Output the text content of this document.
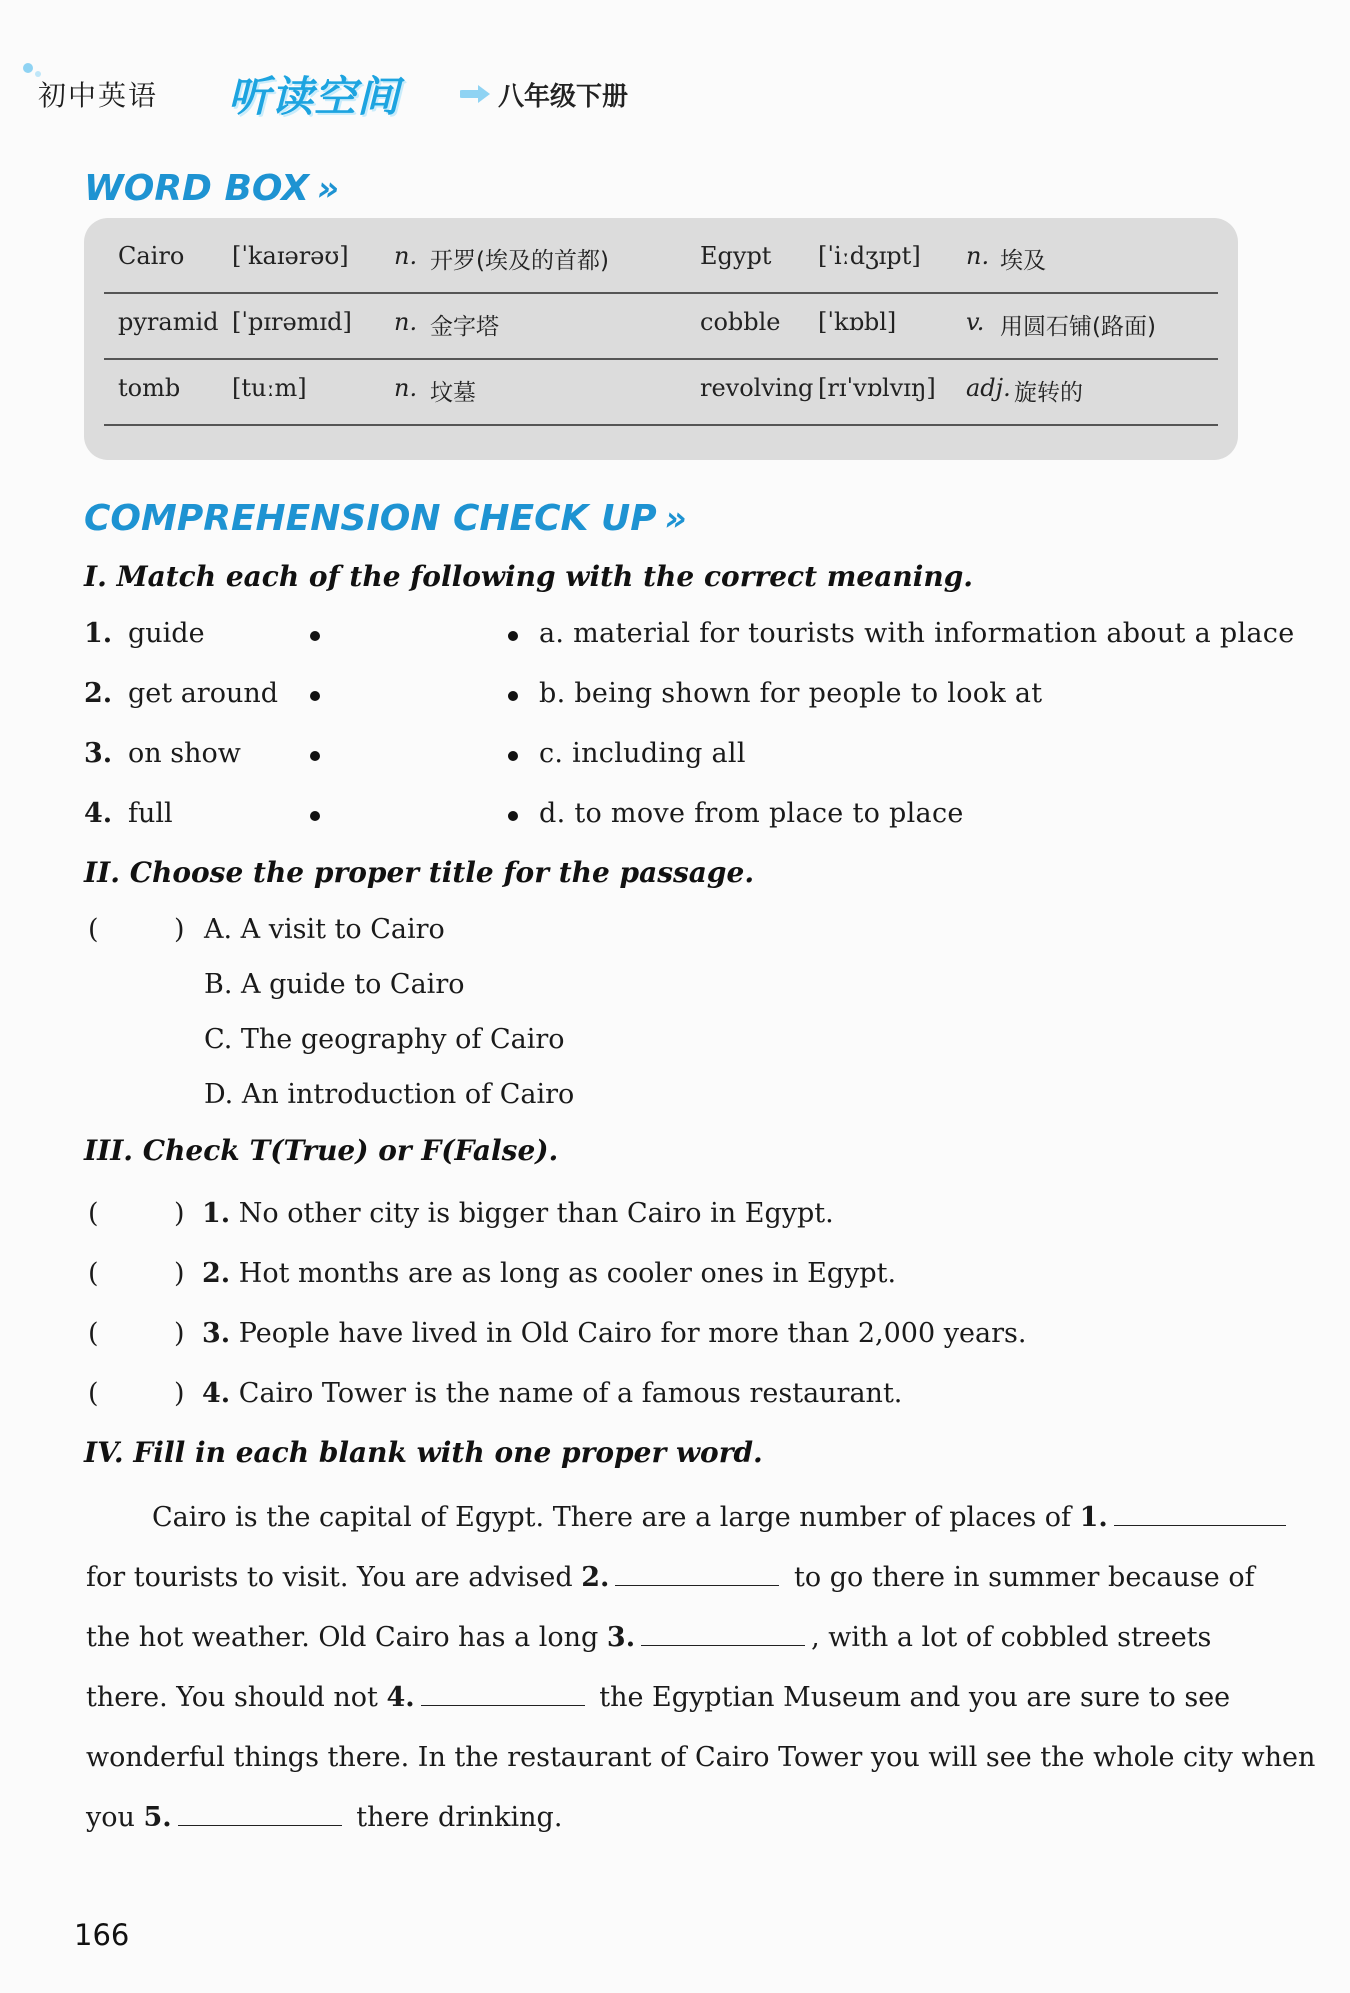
初中英语 听读空间	八年级下册
WORD BOX »
Cairo [ˈkaɪərəʊ] n. 开罗(埃及的首都)	Egypt [ˈiːdʒɪpt] n. 埃及
pyramid [ˈpɪrəmɪd] n. 金字塔	cobble [ˈkɒbl]	v. 用圆石铺(路面)
tomb [tuːm]	n. 坟墓	revolving [rɪˈvɒlvɪŋ] adj. 旋转的
COMPREHENSION CHECK UP »
I. Match each of the following with the correct meaning.
1. guide	a. material for tourists with information about a place
2. get around	b. being shown for people to look at
3. on show	c. including all
4. full	d. to move from place to place
II. Choose the proper title for the passage.
(	) A. A visit to Cairo
B. A guide to Cairo
C. The geography of Cairo
D. An introduction of Cairo
III. Check T(True) or F(False).
(	) 1. No other city is bigger than Cairo in Egypt.
(	) 2. Hot months are as long as cooler ones in Egypt.
(	) 3. People have lived in Old Cairo for more than 2,000 years.
(	) 4. Cairo Tower is the name of a famous restaurant.
IV. Fill in each blank with one proper word.
Cairo is the capital of Egypt. There are a large number of places of 1.
for tourists to visit. You are advised 2.	to go there in summer because of
the hot weather. Old Cairo has a long 3.	, with a lot of cobbled streets
there. You should not 4.	the Egyptian Museum and you are sure to see
wonderful things there. In the restaurant of Cairo Tower you will see the whole city when
you 5.	there drinking.
166
